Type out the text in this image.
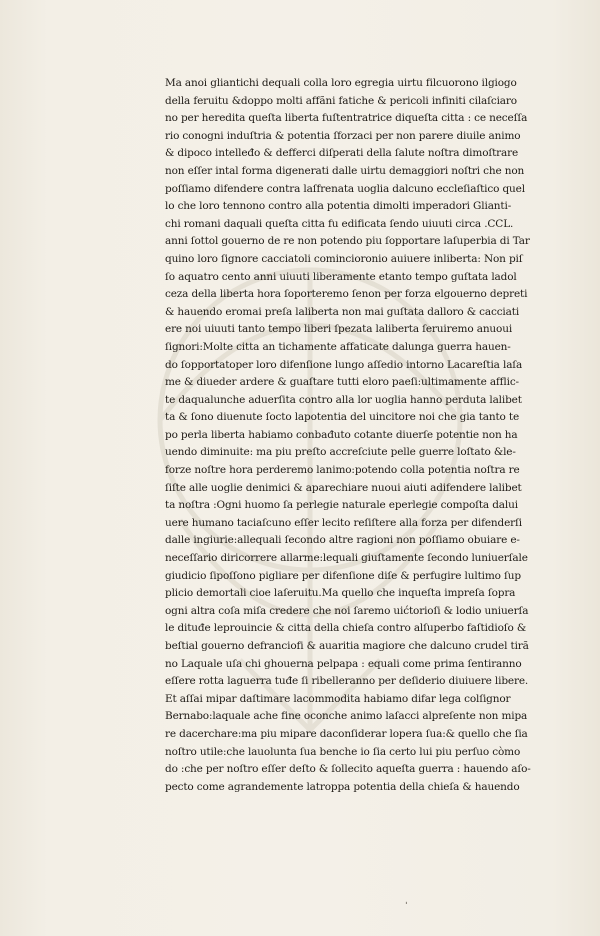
Ma anoi gliantichi dequali colla loro egregia uirtu filcuorono ilgiogo
della feruitu &doppo molti affãni fatiche & pericoli infiniti cilaſciaro
no per heredita queſta liberta fuſtentratrice diqueſta citta : ce neceſſa
rio conogni induſtria & potentia ſforzaci per non parere diuile animo
& dipoco intelleđo & defferci diſperati della ſalute noſtra dimoſtrare
non eſſer intal forma digenerati dalle uirtu demaggiori noſtri che non
poſſiamo difendere contra laſfrenata uoglia dalcuno eccleſiaſtico quel
lo che loro tennono contro alla potentia dimolti imperadori Glianti-
chi romani daquali queſta citta fu edificata ſendo uiuuti circa .CCL.
anni ſottol gouerno de re non potendo piu ſopportare laſuperbia di Tar
quino loro ſignore cacciatoli comincioronio auiuere inliberta: Non piſ
ſo aquatro cento anni uiuuti liberamente etanto tempo guſtata ladol
ceza della liberta hora ſoporteremo ſenon per forza elgouerno depreti
& hauendo eromai preſa laliberta non mai guſtata dalloro & cacciati
ere noi uiuuti tanto tempo liberi ſpezata laliberta ſeruiremo anuoui
ſignori:Molte citta an tichamente affaticate dalunga guerra hauen-
do ſopportatoper loro difenſione lungo aſſedio intorno Lacareſtia laſa
me & diueder ardere & guaſtare tutti eloro paeſi:ultimamente afflic-
te daqualunche aduerſita contro alla lor uoglia hanno perduta lalibet
ta & ſono diuenute ſocto lapotentia del uincitore noi che gia tanto te
po perla liberta habiamo conbađuto cotante diuerſe potentie non ha
uendo diminuite: ma piu preſto accreſciute pelle guerre loſtato &le-
forze noſtre hora perderemo lanimo:potendo colla potentia noſtra re
ſiſte alle uoglie denimici & aparechiare nuoui aiuti adifendere lalibet
ta noſtra :Ogni huomo ſa perlegie naturale eperlegie compoſta dalui
uere humano taciaſcuno eſſer lecito reſiſtere alla forza per difenderſi
dalle ingiurie:allequali ſecondo altre ragioni non poſſiamo obuiare e-
neceſſario diricorrere allarme:lequali giuſtamente ſecondo luniuerſale
giudicio ſipoſſono pigliare per difenſione diſe & perfugire lultimo ſup
plicio demortali cioe laſeruitu.Ma quello che inqueſta impreſa ſopra
ogni altra coſa miſa credere che noi ſaremo uićtorioſi & lodio uniuerſa
le dituđe leprouincie & citta della chieſa contro alſuperbo faſtidioſo &
beſtial gouerno defranciofi & auaritia magiore che dalcuno crudel tirã
no Laquale uſa chi ghouerna pelpapa : equali come prima ſentiranno
eſſere rotta laguerra tuđe ſi ribelleranno per deſiderio diuiuere libere.
Et aſſai mipar daſtimare lacommodita habiamo difar lega colſignor
Bernabo:laquale ache fine oconche animo laſacci alpreſente non mipa
re dacerchare:ma piu mipare daconſiderar lopera ſua:& quello che ſia
noſtro utile:che lauolunta ſua benche io ſia certo lui piu perſuo còmo
do :che per noſtro eſſer deſto & ſollecito aqueſta guerra : hauendo aſo-
pecto come agrandemente latroppa potentia della chieſa & hauendo
ˌ
